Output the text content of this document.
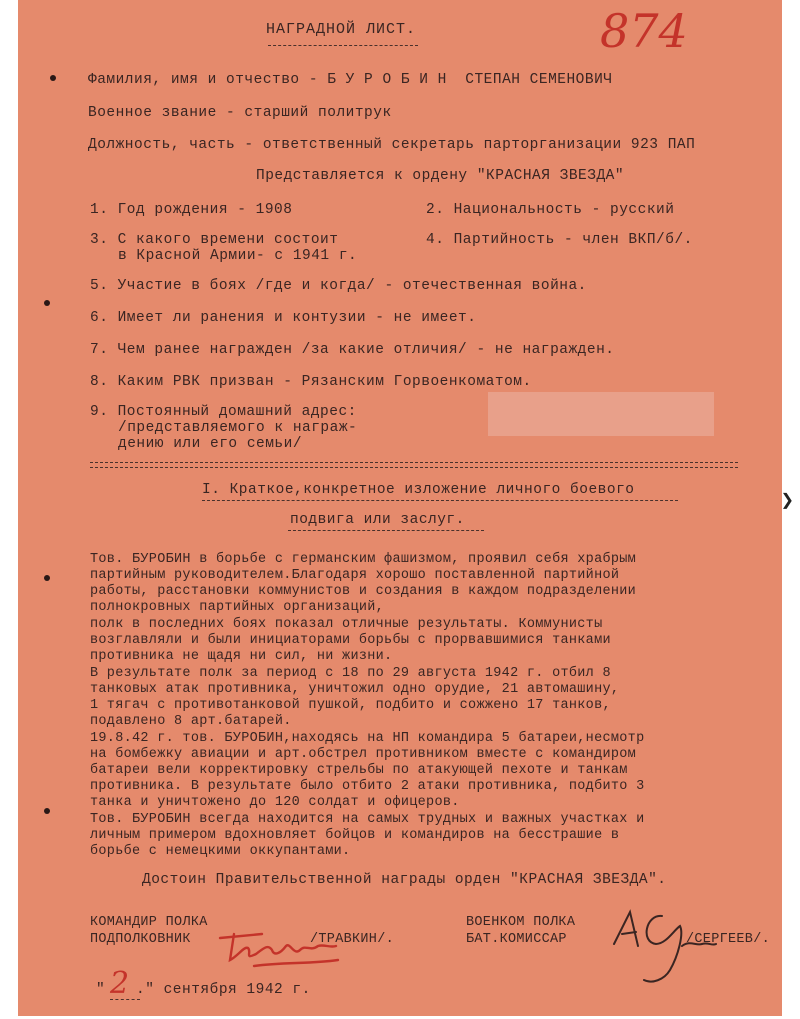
НАГРАДНОЙ ЛИСТ.	874
Фамилия, имя и отчество - Б У Р О Б И Н  СТЕПАН СЕМЕНОВИЧ
Военное звание - старший политрук
Должность, часть - ответственный секретарь парторганизации 923 ПАП
Представляется к ордену "КРАСНАЯ ЗВЕЗДА"
1. Год рождения - 1908	2. Национальность - русский
3. С какого времени состоит
в Красной Армии- с 1941 г.
4. Партийность - член ВКП/б/.
5. Участие в боях /где и когда/ - отечественная война.
6. Имеет ли ранения и контузии - не имеет.
7. Чем ранее награжден /за какие отличия/ - не награжден.
8. Каким РВК призван - Рязанским Горвоенкоматом.
9. Постоянный домашний адрес:
/представляемого к награж-
дению или его семьи/
I. Краткое,конкретное изложение личного боевого
подвига или заслуг.
Тов. БУРОБИН в борьбе с германским фашизмом, проявил себя храбрым
партийным руководителем.Благодаря хорошо поставленной партийной
работы, расстановки коммунистов и создания в каждом подразделении
полнокровных партийных организаций,
полк в последних боях показал отличные результаты. Коммунисты
возглавляли и были инициаторами борьбы с прорвавшимися танками
противника не щадя ни сил, ни жизни.
В результате полк за период с 18 по 29 августа 1942 г. отбил 8
танковых атак противника, уничтожил одно орудие, 21 автомашину,
1 тягач с противотанковой пушкой, подбито и сожжено 17 танков,
подавлено 8 арт.батарей.
19.8.42 г. тов. БУРОБИН,находясь на НП командира 5 батареи,несмотр
на бомбежку авиации и арт.обстрел противником вместе с командиром
батареи вели корректировку стрельбы по атакующей пехоте и танкам
противника. В результате было отбито 2 атаки противника, подбито 3
танка и уничтожено до 120 солдат и офицеров.
Тов. БУРОБИН всегда находится на самых трудных и важных участках и
личным примером вдохновляет бойцов и командиров на бесстрашие в
борьбе с немецкими оккупантами.
Достоин Правительственной награды орден "КРАСНАЯ ЗВЕЗДА".
КОМАНДИР ПОЛКА
ПОДПОЛКОВНИК	/ТРАВКИН/.
ВОЕНКОМ ПОЛКА
БАТ.КОМИССАР	/СЕРГЕЕВ/.
" 2 ." сентября 1942 г.
❯
